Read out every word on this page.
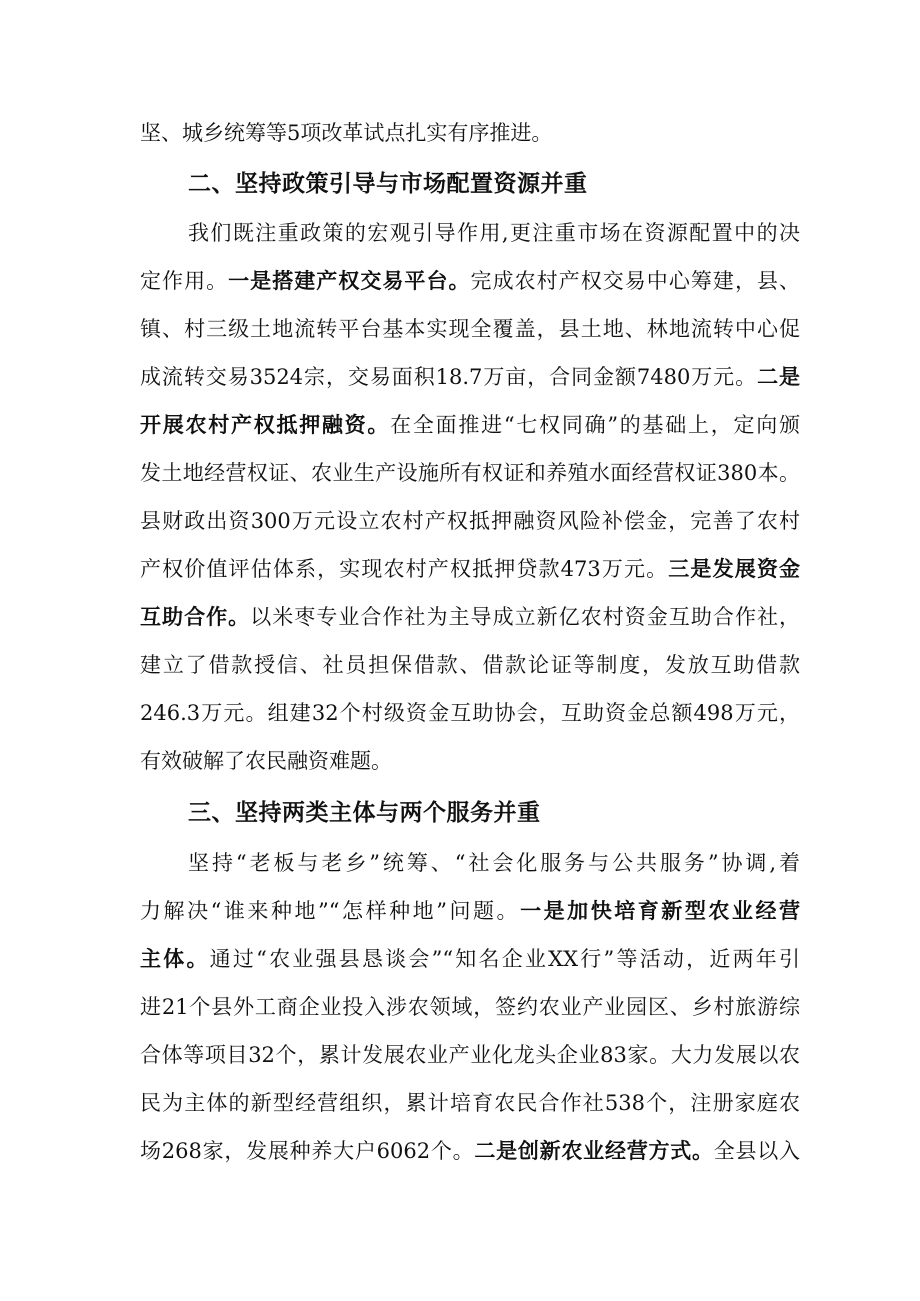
坚、城乡统筹等5项改革试点扎实有序推进。
二、坚持政策引导与市场配置资源并重
我们既注重政策的宏观引导作用,更注重市场在资源配置中的决
定作用。一是搭建产权交易平台。完成农村产权交易中心筹建，县、
镇、村三级土地流转平台基本实现全覆盖，县土地、林地流转中心促
成流转交易3524宗，交易面积18.7万亩，合同金额7480万元。二是
开展农村产权抵押融资。在全面推进“七权同确”的基础上，定向颁
发土地经营权证、农业生产设施所有权证和养殖水面经营权证380本。
县财政出资300万元设立农村产权抵押融资风险补偿金，完善了农村
产权价值评估体系，实现农村产权抵押贷款473万元。三是发展资金
互助合作。以米枣专业合作社为主导成立新亿农村资金互助合作社，
建立了借款授信、社员担保借款、借款论证等制度，发放互助借款
246.3万元。组建32个村级资金互助协会，互助资金总额498万元，
有效破解了农民融资难题。
三、坚持两类主体与两个服务并重
坚持“老板与老乡”统筹、“社会化服务与公共服务”协调,着
力解决“谁来种地”“怎样种地”问题。一是加快培育新型农业经营
主体。通过“农业强县恳谈会”“知名企业XX行”等活动，近两年引
进21个县外工商企业投入涉农领域，签约农业产业园区、乡村旅游综
合体等项目32个，累计发展农业产业化龙头企业83家。大力发展以农
民为主体的新型经营组织，累计培育农民合作社538个，注册家庭农
场268家，发展种养大户6062个。二是创新农业经营方式。全县以入
